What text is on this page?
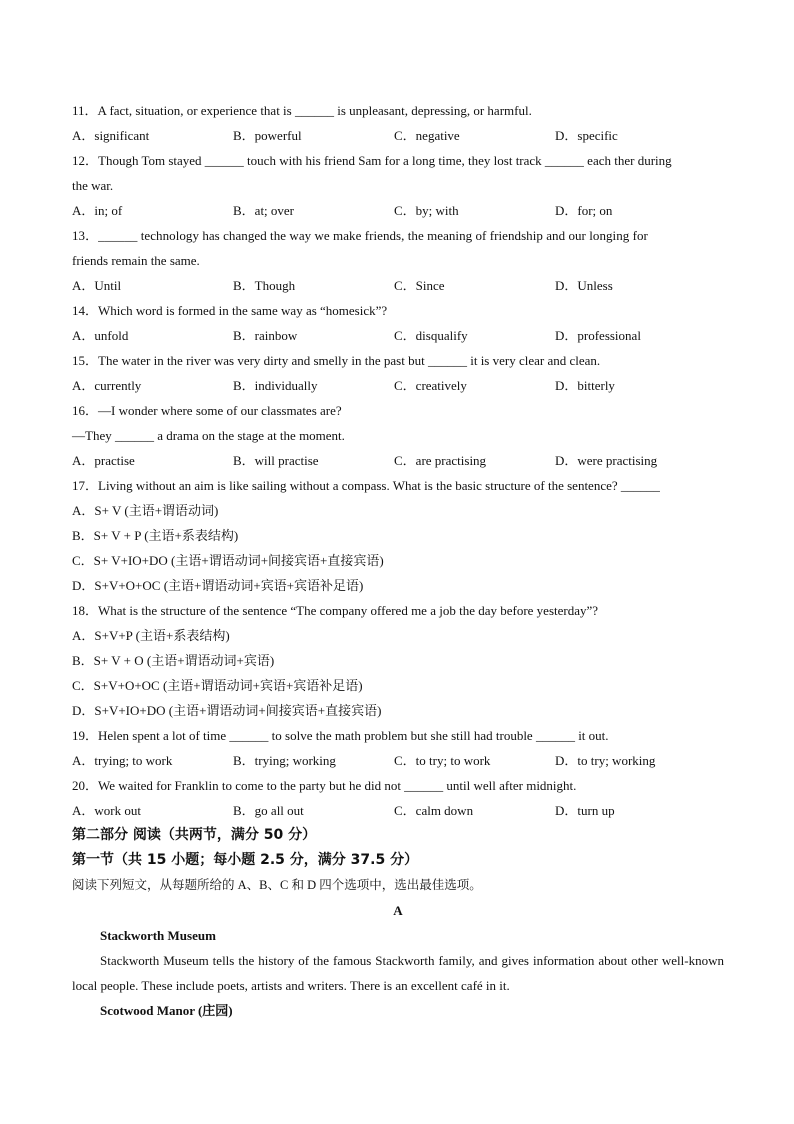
11．A fact, situation, or experience that is ______ is unpleasant, depressing, or harmful.
A．significant	B．powerful	C．negative	D．specific
12．Though Tom stayed ______ touch with his friend Sam for a long time, they lost track ______ each ther during
the war.
A．in; of	B．at; over	C．by; with	D．for; on
13．______ technology has changed the way we make friends, the meaning of friendship and our longing for
friends remain the same.
A．Until	B．Though	C．Since	D．Unless
14．Which word is formed in the same way as “homesick”?
A．unfold	B．rainbow	C．disqualify	D．professional
15．The water in the river was very dirty and smelly in the past but ______ it is very clear and clean.
A．currently	B．individually	C．creatively	D．bitterly
16．—I wonder where some of our classmates are?
—They ______ a drama on the stage at the moment.
A．practise	B．will practise	C．are practising	D．were practising
17．Living without an aim is like sailing without a compass. What is the basic structure of the sentence? ______
A．S+ V (主语+谓语动词)
B．S+ V + P (主语+系表结构)
C．S+ V+IO+DO (主语+谓语动词+间接宾语+直接宾语)
D．S+V+O+OC (主语+谓语动词+宾语+宾语补足语)
18．What is the structure of the sentence “The company offered me a job the day before yesterday”?
A．S+V+P (主语+系表结构)
B．S+ V + O (主语+谓语动词+宾语)
C．S+V+O+OC (主语+谓语动词+宾语+宾语补足语)
D．S+V+IO+DO (主语+谓语动词+间接宾语+直接宾语)
19．Helen spent a lot of time ______ to solve the math problem but she still had trouble ______ it out.
A．trying; to work	B．trying; working	C．to try; to work	D．to try; working
20．We waited for Franklin to come to the party but he did not ______ until well after midnight.
A．work out	B．go all out	C．calm down	D．turn up
第二部分 阅读（共两节，满分 50 分）
第一节（共 15 小题；每小题 2.5 分，满分 37.5 分）
阅读下列短文，从每题所给的 A、B、C 和 D 四个选项中，选出最佳选项。
A
Stackworth Museum
Stackworth Museum tells the history of the famous Stackworth family, and gives information about other well-known local people. These include poets, artists and writers. There is an excellent café in it.
Scotwood Manor (庄园)
